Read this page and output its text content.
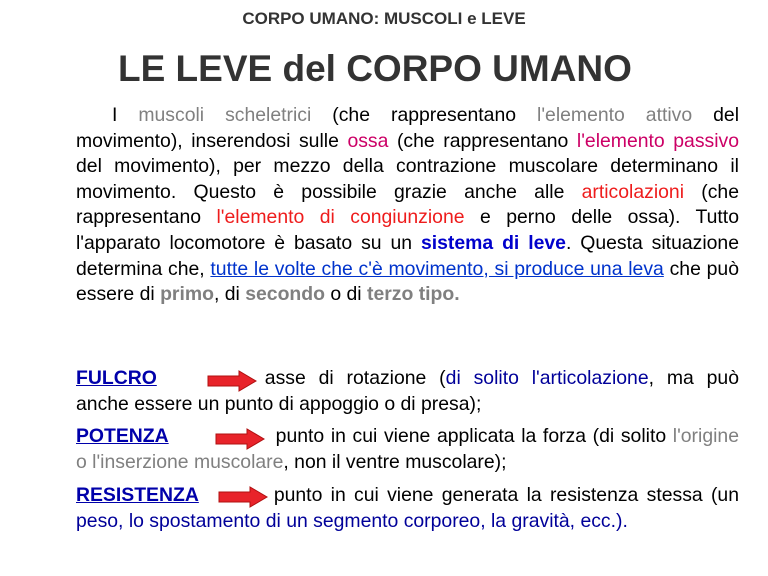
CORPO UMANO: MUSCOLI e LEVE
LE LEVE del CORPO UMANO
I muscoli scheletrici (che rappresentano l'elemento attivo del movimento), inserendosi sulle ossa (che rappresentano l'elemento passivo del movimento), per mezzo della contrazione muscolare determinano il movimento. Questo è possibile grazie anche alle articolazioni (che rappresentano l'elemento di congiunzione e perno delle ossa). Tutto l'apparato locomotore è basato su un sistema di leve. Questa situazione determina che, tutte le volte che c'è movimento, si produce una leva che può essere di primo, di secondo o di terzo tipo.
FULCRO	asse di rotazione (di solito l'articolazione, ma può anche essere un punto di appoggio o di presa);
POTENZA	punto in cui viene applicata la forza (di solito l'origine o l'inserzione muscolare, non il ventre muscolare);
RESISTENZA	punto in cui viene generata la resistenza stessa (un peso, lo spostamento di un segmento corporeo, la gravità, ecc.).
